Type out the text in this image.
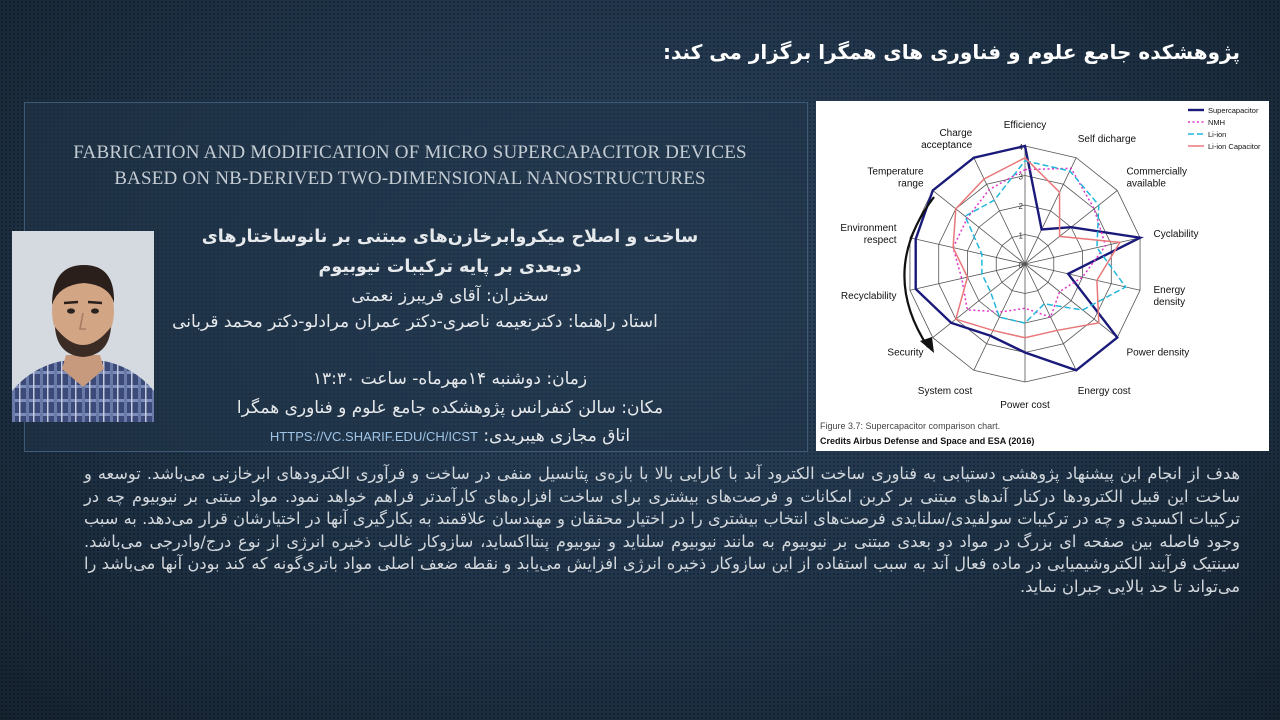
پژوهشکده جامع علوم و فناوری های همگرا برگزار می کند:
FABRICATION AND MODIFICATION OF MICRO SUPERCAPACITOR DEVICES
BASED ON NB-DERIVED TWO-DIMENSIONAL NANOSTRUCTURES
ساخت و اصلاح میکروابرخازن‌های مبتنی بر نانوساختارهای
دوبعدی بر پایه ترکیبات نیوبیوم
سخنران: آقای فریبرز نعمتی
استاد راهنما: دکترنعیمه ناصری-دکتر عمران مرادلو-دکتر محمد قربانی
زمان: دوشنبه ۱۴مهرماه- ساعت ۱۳:۳۰
مکان: سالن کنفرانس پژوهشکده جامع علوم و فناوری همگرا
اتاق مجازی هیبریدی: HTTPS://VC.SHARIF.EDU/CH/ICST
0
1
2
3
4
Efficiency
Self dicharge
Commercially available
Cyclability
Energy density
Power density
Energy cost
Power cost
System cost
Security
Recyclability
Environment respect
Temperature range
Charge acceptance
Supercapacitor
NMH
Li-ion
Li-ion Capacitor
Figure 3.7: Supercapacitor comparison chart.
Credits Airbus Defense and Space and ESA (2016)
هدف از انجام این پیشنهاد پژوهشی دستیابی به فناوری ساخت الکترود آند با کارایی بالا با بازه‌ی پتانسیل منفی در ساخت و فرآوری الکترودهای ابرخازنی می‌باشد. توسعه و ساخت این قبیل الکترودها درکنار آندهای مبتنی بر کربن امکانات و فرصت‌های بیشتری برای ساخت افزاره‌های کارآمدتر فراهم خواهد نمود. مواد مبتنی بر نیوبیوم چه در ترکیبات اکسیدی و چه در ترکیبات سولفیدی/سلنایدی فرصت‌های انتخاب بیشتری را در اختیار محققان و مهندسان علاقمند به بکارگیری آنها در اختیارشان قرار می‌دهد. به سبب وجود فاصله بین صفحه ای بزرگ در مواد دو بعدی مبتنی بر نیوبیوم به مانند نیوبیوم سلناید و نیوبیوم پنتااکساید، سازوکار غالب ذخیره انرژی از نوع درج/وادرجی می‌باشد. سینتیک فرآیند الکتروشیمیایی در ماده فعال آند به سبب استفاده از این سازوکار ذخیره انرژی افزایش می‌یابد و نقطه ضعف اصلی مواد باتری‌گونه که کند بودن آنها می‌باشد را می‌تواند تا حد بالایی جبران نماید.
